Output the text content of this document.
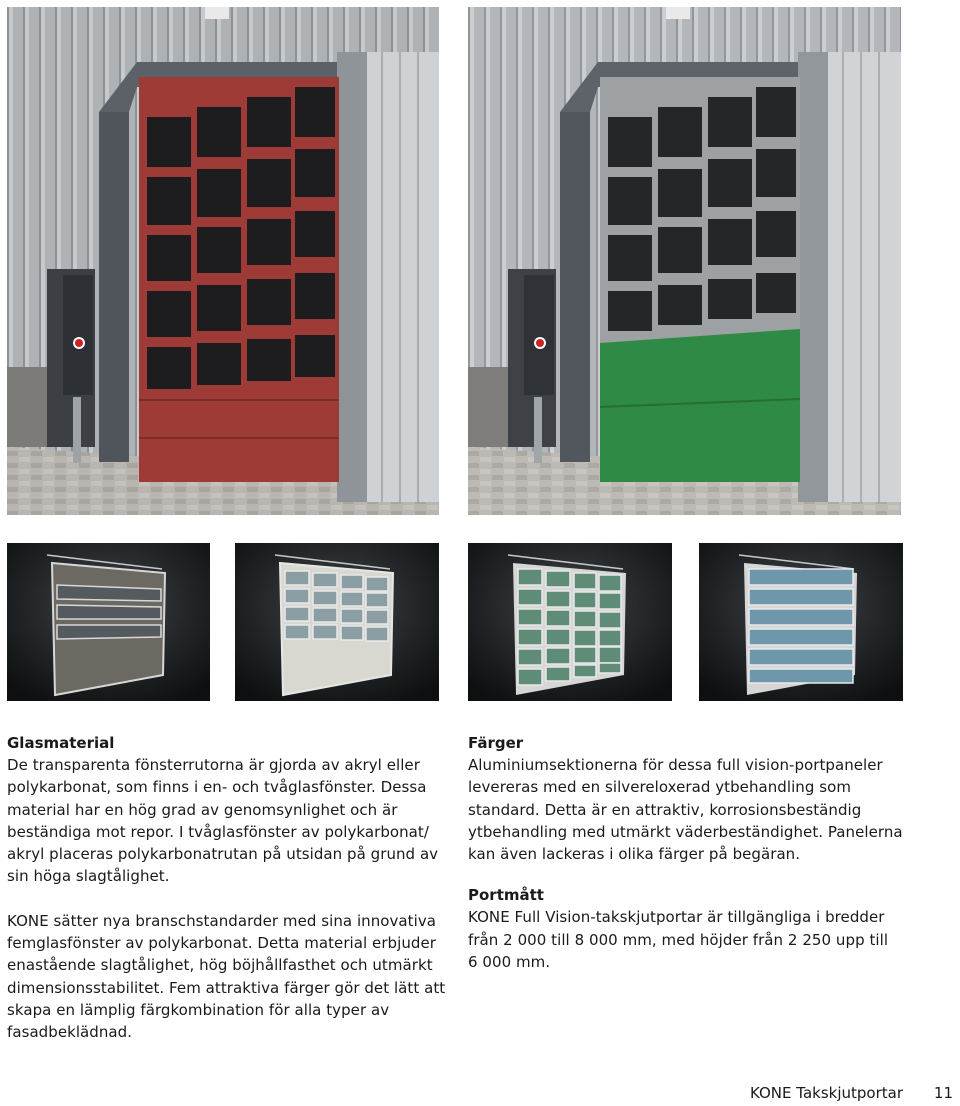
Glasmaterial

De transparenta fönsterrutorna är gjorda av akryl eller
polykarbonat, som finns i en- och tvåglasfönster. Dessa
material har en hög grad av genomsynlighet och är
beständiga mot repor. I tvåglasfönster av polykarbonat/
akryl placeras polykarbonatrutan på utsidan på grund av
sin höga slagtålighet.

KONE sätter nya branschstandarder med sina innovativa
femglasfönster av polykarbonat. Detta material erbjuder
enastående slagtålighet, hög böjhållfasthet och utmärkt
dimensionsstabilitet. Fem attraktiva färger gör det lätt att
skapa en lämplig färgkombination för alla typer av
fasadbeklädnad.

Färger

Aluminiumsektionerna för dessa full vision-portpaneler
levereras med en silvereloxerad ytbehandling som
standard. Detta är en attraktiv, korrosionsbeständig
ytbehandling med utmärkt väderbeständighet. Panelerna
kan även lackeras i olika färger på begäran.

Portmått

KONE Full Vision-takskjutportar är tillgängliga i bredder
från 2 000 till 8 000 mm, med höjder från 2 250 upp till
6 000 mm.

KONE Takskjutportar 11
